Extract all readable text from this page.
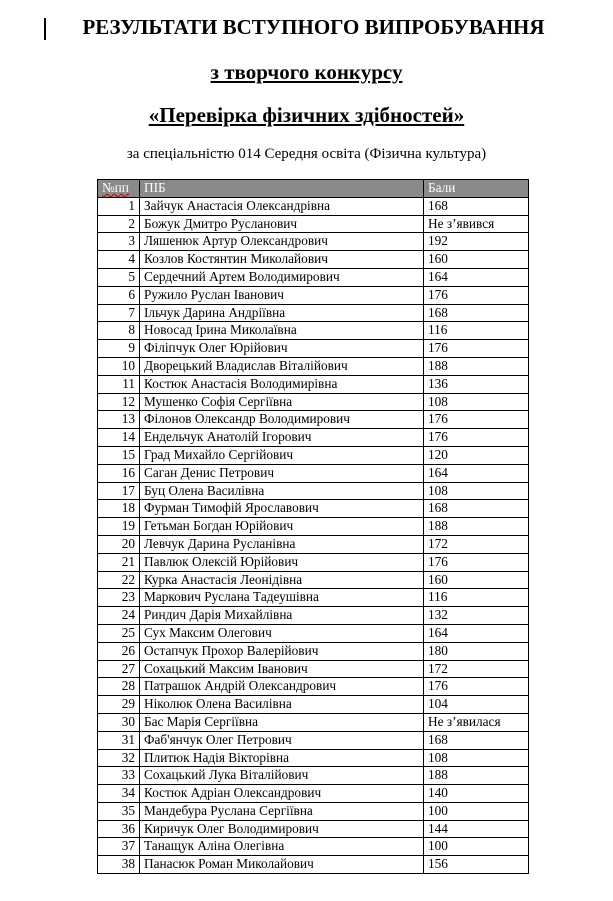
РЕЗУЛЬТАТИ ВСТУПНОГО ВИПРОБУВАННЯ
з творчого конкурсу
«Перевірка фізичних здібностей»
за спеціальністю 014 Середня освіта (Фізична культура)
№пп	ПІБ	Бали
1	Зайчук Анастасія Олександрівна	168
2	Божук Дмитро Русланович	Не з’явився
3	Ляшенюк Артур Олександрович	192
4	Козлов Костянтин Миколайович	160
5	Сердечний Артем Володимирович	164
6	Ружило Руслан Іванович	176
7	Ільчук Дарина Андріївна	168
8	Новосад Ірина Миколаївна	116
9	Філіпчук Олег Юрійович	176
10	Дворецький Владислав Віталійович	188
11	Костюк Анастасія Володимирівна	136
12	Мушенко Софія Сергіївна	108
13	Філонов Олександр Володимирович	176
14	Ендельчук Анатолій Ігорович	176
15	Град Михайло Сергійович	120
16	Саган Денис Петрович	164
17	Буц Олена Василівна	108
18	Фурман Тимофій Ярославович	168
19	Гетьман Богдан Юрійович	188
20	Левчук Дарина Русланівна	172
21	Павлюк Олексій Юрійович	176
22	Курка Анастасія Леонідівна	160
23	Маркович Руслана Тадеушівна	116
24	Риндич Дарія Михайлівна	132
25	Сух Максим Олегович	164
26	Остапчук Прохор Валерійович	180
27	Сохацький Максим Іванович	172
28	Патрашок Андрій Олександрович	176
29	Ніколюк Олена Василівна	104
30	Бас Марія Сергіївна	Не з’явилася
31	Фаб'янчук Олег Петрович	168
32	Плитюк Надія Вікторівна	108
33	Сохацький Лука Віталійович	188
34	Костюк Адріан Олександрович	140
35	Мандебура Руслана Сергіївна	100
36	Киричук Олег Володимирович	144
37	Танащук Аліна Олегівна	100
38	Панасюк Роман Миколайович	156
